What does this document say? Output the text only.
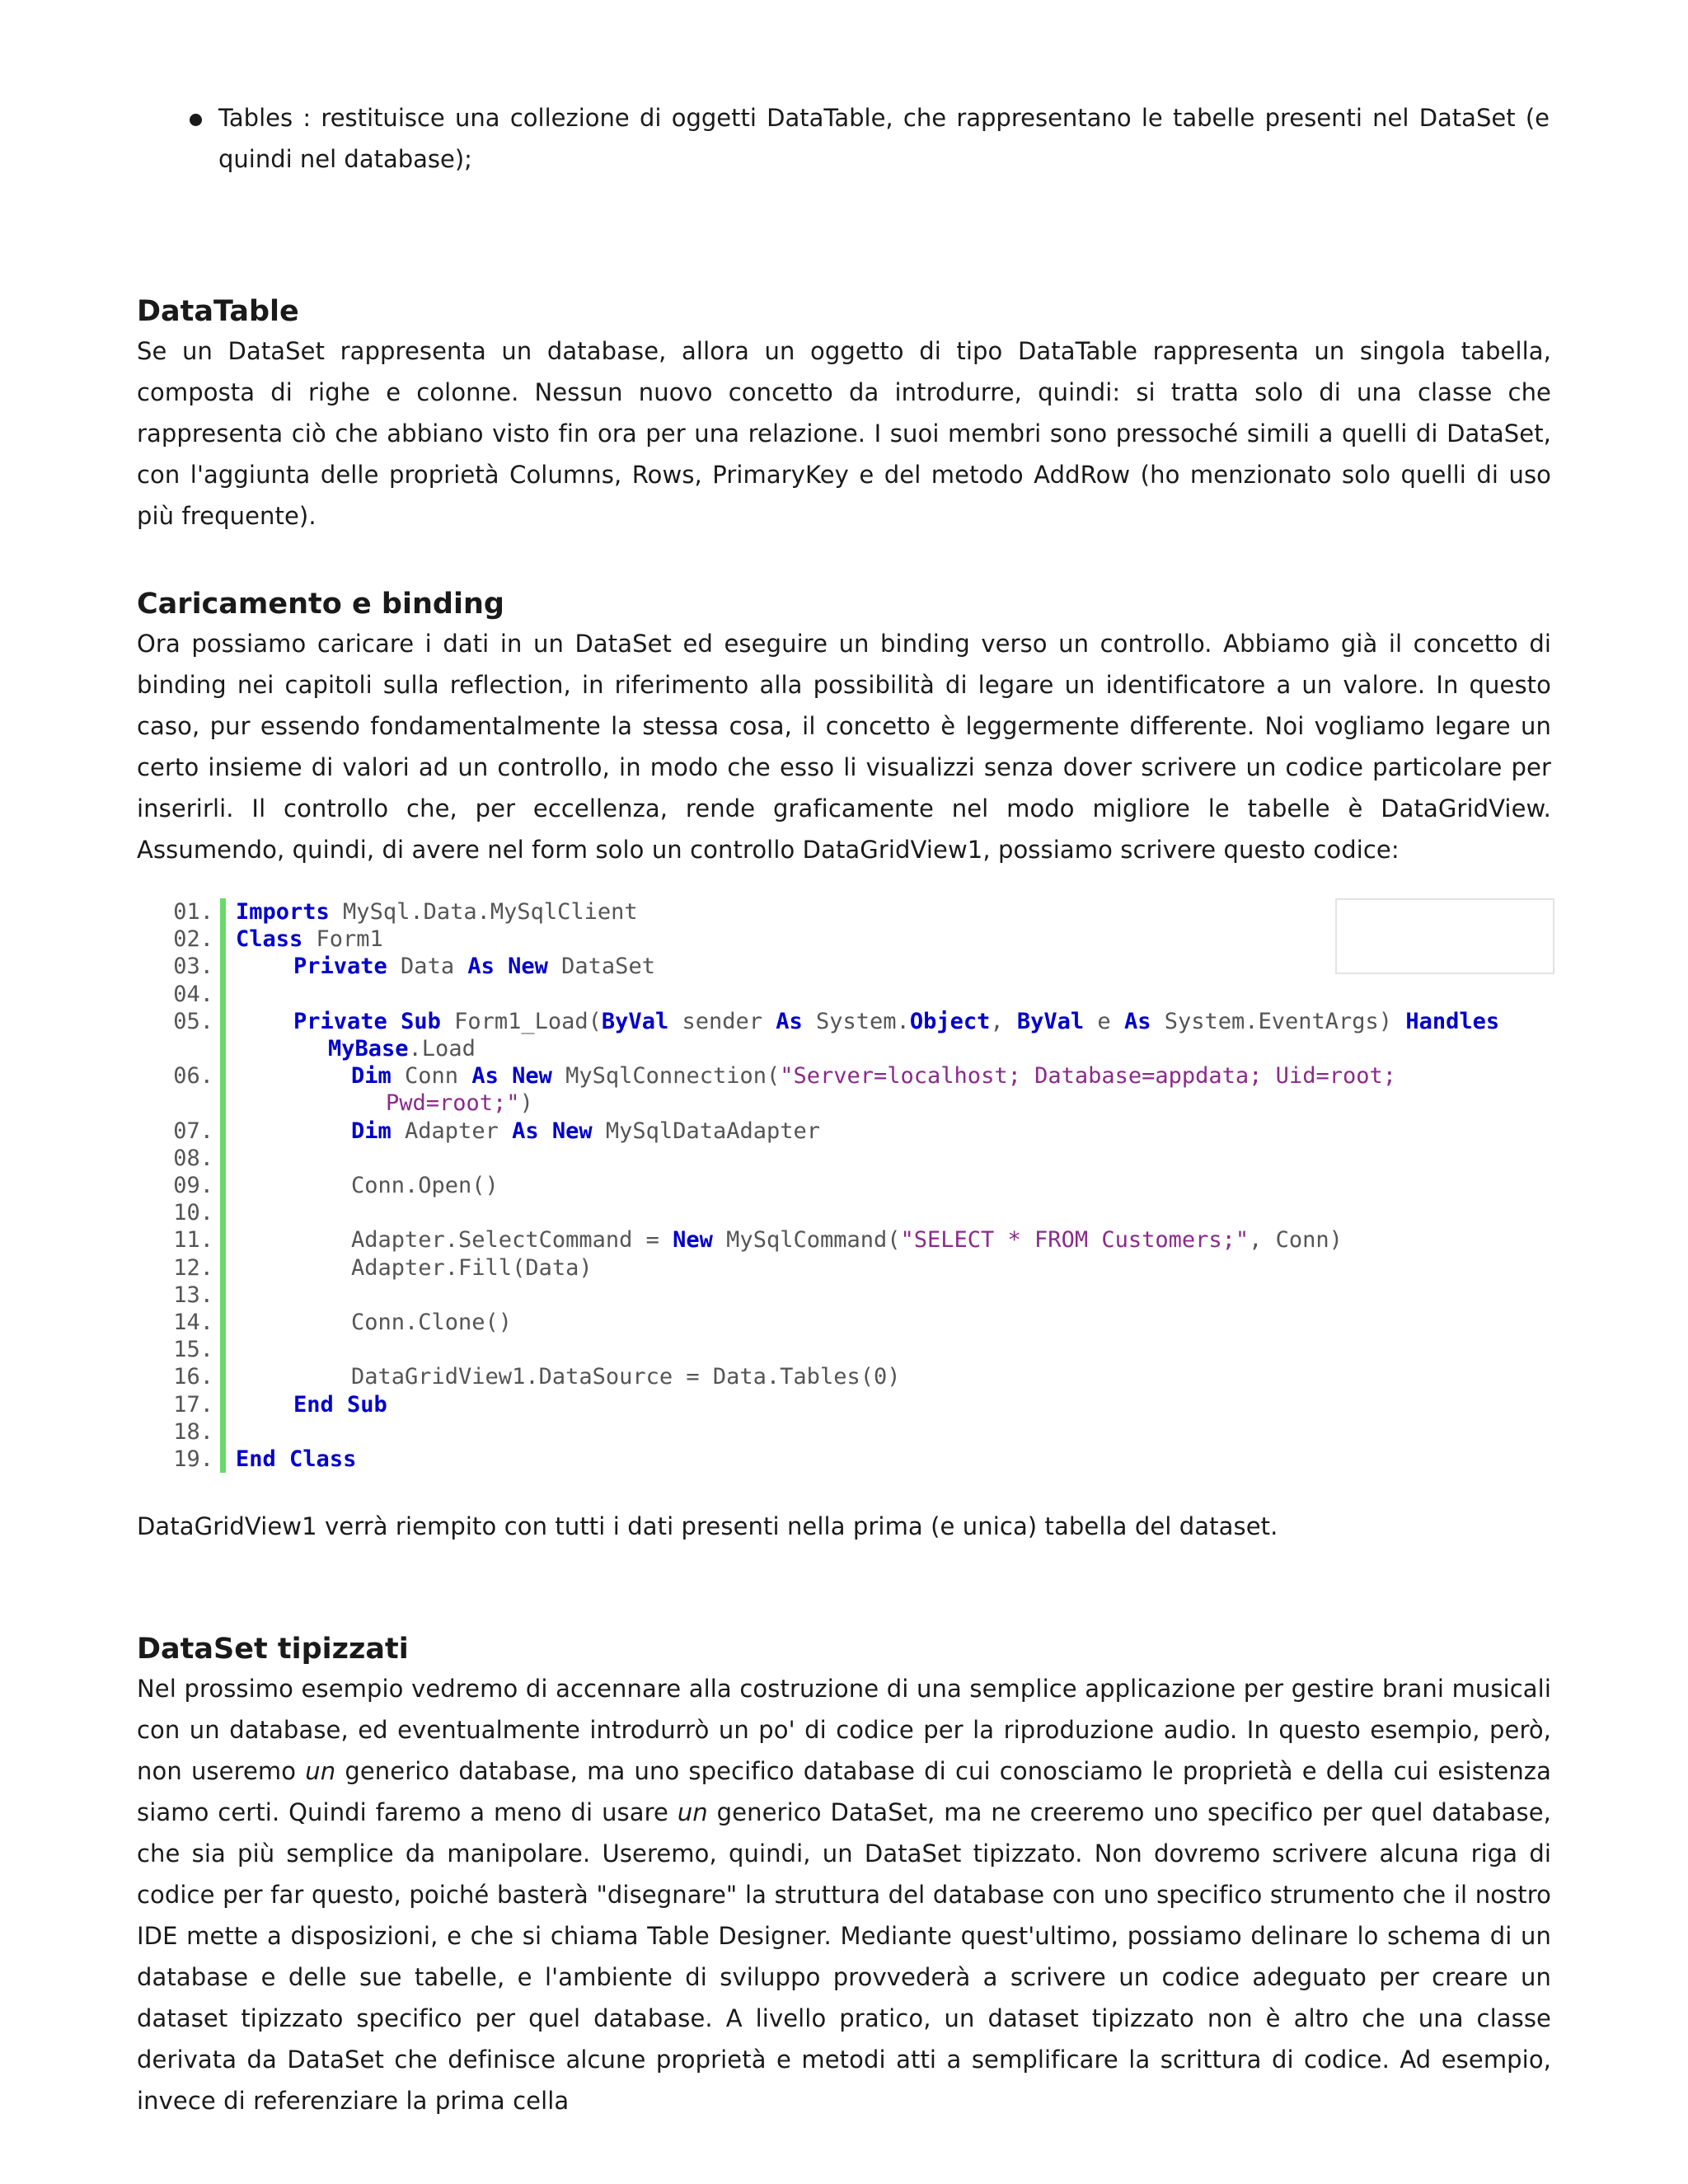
Tables : restituisce una collezione di oggetti DataTable, che rappresentano le tabelle presenti nel DataSet (e quindi nel database);
DataTable

Se un DataSet rappresenta un database, allora un oggetto di tipo DataTable rappresenta un singola tabella, composta di righe e colonne. Nessun nuovo concetto da introdurre, quindi: si tratta solo di una classe che rappresenta ciò che abbiano visto fin ora per una relazione. I suoi membri sono pressoché simili a quelli di DataSet, con l'aggiunta delle proprietà Columns, Rows, PrimaryKey e del metodo AddRow (ho menzionato solo quelli di uso più frequente).

Caricamento e binding

Ora possiamo caricare i dati in un DataSet ed eseguire un binding verso un controllo. Abbiamo già il concetto di binding nei capitoli sulla reflection, in riferimento alla possibilità di legare un identificatore a un valore. In questo caso, pur essendo fondamentalmente la stessa cosa, il concetto è leggermente differente. Noi vogliamo legare un certo insieme di valori ad un controllo, in modo che esso li visualizzi senza dover scrivere un codice particolare per inserirli. Il controllo che, per eccellenza, rende graficamente nel modo migliore le tabelle è DataGridView. Assumendo, quindi, di avere nel form solo un controllo DataGridView1, possiamo scrivere questo codice:

01.	Imports MySql.Data.MySqlClient
02.	Class Form1
03.	Private Data As New DataSet
04.
05.	Private Sub Form1_Load(ByVal sender As System.Object, ByVal e As System.EventArgs) Handles
MyBase.Load
06.	Dim Conn As New MySqlConnection("Server=localhost; Database=appdata; Uid=root;
Pwd=root;")
07.	Dim Adapter As New MySqlDataAdapter
08.
09.	Conn.Open()
10.
11.	Adapter.SelectCommand = New MySqlCommand("SELECT * FROM Customers;", Conn)
12.	Adapter.Fill(Data)
13.
14.	Conn.Clone()
15.
16.	DataGridView1.DataSource = Data.Tables(0)
17.	End Sub
18.
19.	End Class

DataGridView1 verrà riempito con tutti i dati presenti nella prima (e unica) tabella del dataset.

DataSet tipizzati

Nel prossimo esempio vedremo di accennare alla costruzione di una semplice applicazione per gestire brani musicali con un database, ed eventualmente introdurrò un po' di codice per la riproduzione audio. In questo esempio, però, non useremo un generico database, ma uno specifico database di cui conosciamo le proprietà e della cui esistenza siamo certi. Quindi faremo a meno di usare un generico DataSet, ma ne creeremo uno specifico per quel database, che sia più semplice da manipolare. Useremo, quindi, un DataSet tipizzato. Non dovremo scrivere alcuna riga di codice per far questo, poiché basterà "disegnare" la struttura del database con uno specifico strumento che il nostro IDE mette a disposizioni, e che si chiama Table Designer. Mediante quest'ultimo, possiamo delinare lo schema di un database e delle sue tabelle, e l'ambiente di sviluppo provvederà a scrivere un codice adeguato per creare un dataset tipizzato specifico per quel database. A livello pratico, un dataset tipizzato non è altro che una classe derivata da DataSet che definisce alcune proprietà e metodi atti a semplificare la scrittura di codice. Ad esempio, invece di referenziare la prima cella
